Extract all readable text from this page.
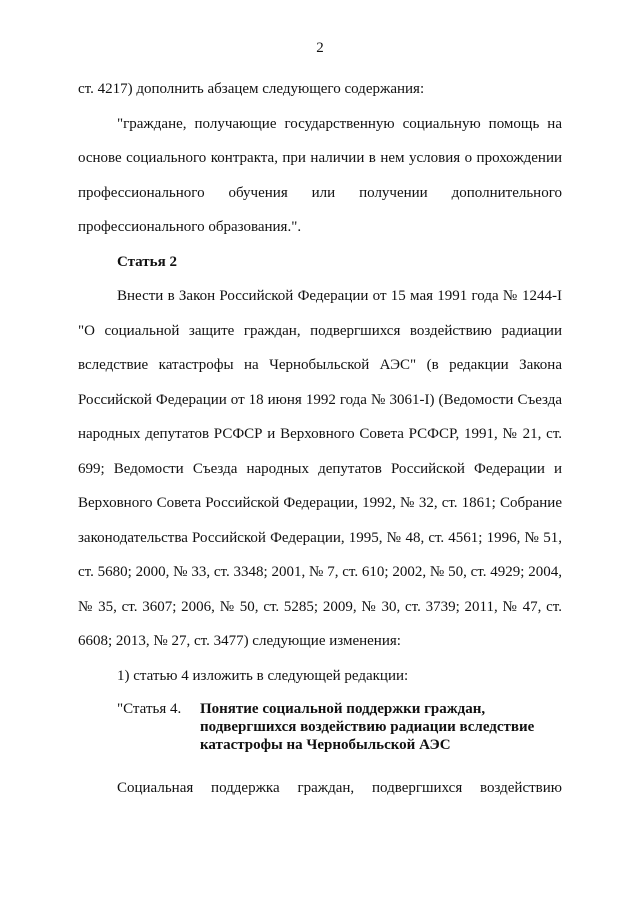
2

ст. 4217) дополнить абзацем следующего содержания:

"граждане, получающие государственную социальную помощь на основе социального контракта, при наличии в нем условия о прохождении профессионального обучения или получении дополнительного профессионального образования.".

Статья 2

Внести в Закон Российской Федерации от 15 мая 1991 года № 1244-I "О социальной защите граждан, подвергшихся воздействию радиации вследствие катастрофы на Чернобыльской АЭС" (в редакции Закона Российской Федерации от 18 июня 1992 года № 3061-I) (Ведомости Съезда народных депутатов РСФСР и Верховного Совета РСФСР, 1991, № 21, ст. 699; Ведомости Съезда народных депутатов Российской Федерации и Верховного Совета Российской Федерации, 1992, № 32, ст. 1861; Собрание законодательства Российской Федерации, 1995, № 48, ст. 4561; 1996, № 51, ст. 5680; 2000, № 33, ст. 3348; 2001, № 7, ст. 610; 2002, № 50, ст. 4929; 2004, № 35, ст. 3607; 2006, № 50, ст. 5285; 2009, № 30, ст. 3739; 2011, № 47, ст. 6608; 2013, № 27, ст. 3477) следующие изменения:

1) статью 4 изложить в следующей редакции:

"Статья 4.	Понятие социальной поддержки граждан, подвергшихся воздействию радиации вследствие катастрофы на Чернобыльской АЭС

Социальная поддержка граждан, подвергшихся воздействию
